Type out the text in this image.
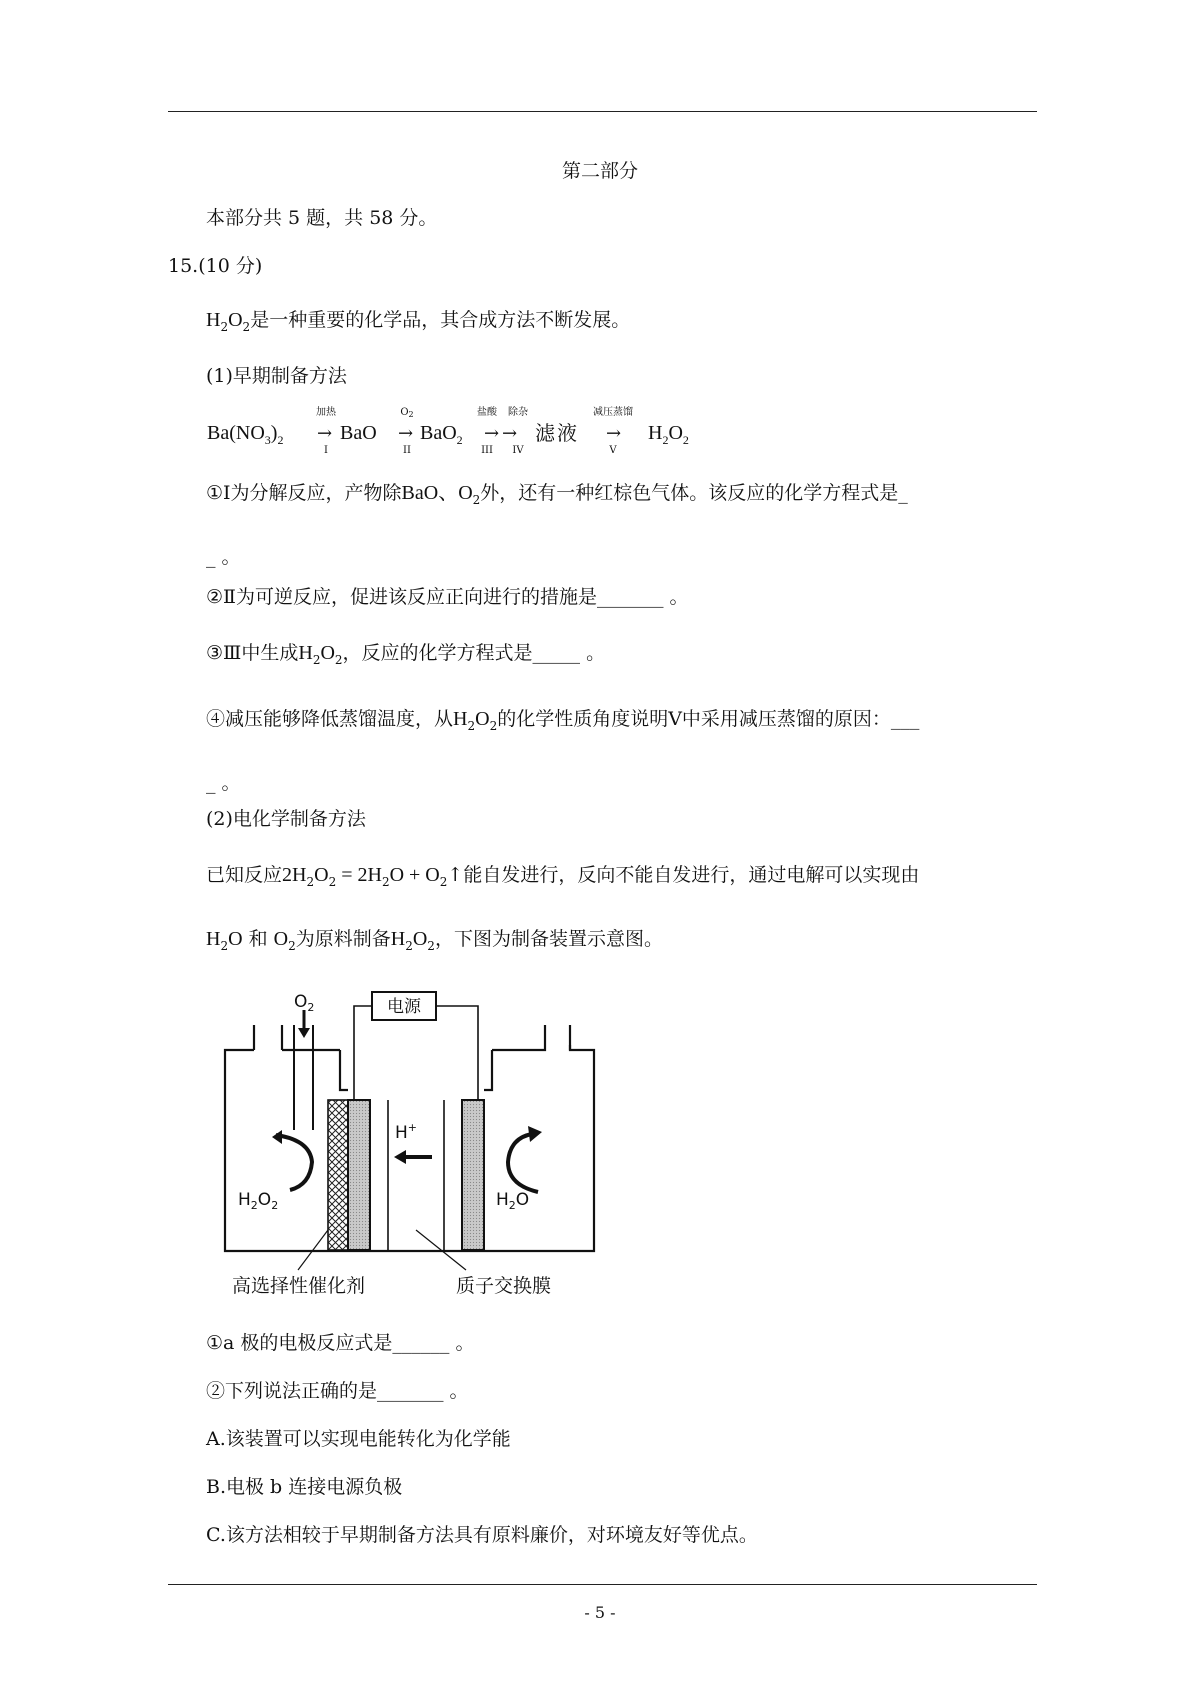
第二部分
本部分共 5 题，共 58 分。
15.(10 分)
$H_2O_2$是一种重要的化学品，其合成方法不断发展。
(1)早期制备方法
$Ba(NO_3)_2$
加热
→
I
BaO
$O_2$
→
II
BaO$_2$
盐酸	除杂
→ →
III	IV
滤液
减压蒸馏
→
V
$H_2O_2$
①Ⅰ为分解反应，产物除BaO、$O_2$外，还有一种红棕色气体。该反应的化学方程式是_
_ 。
②Ⅱ为可逆反应，促进该反应正向进行的措施是_______ 。
③Ⅲ中生成$H_2O_2$，反应的化学方程式是_____ 。
④减压能够降低蒸馏温度，从$H_2O_2$的化学性质角度说明Ⅴ中采用减压蒸馏的原因：___
_ 。
(2)电化学制备方法
已知反应$2H_2O_2 = 2H_2O$ + $O_2↑$能自发进行，反向不能自发进行，通过电解可以实现由
$H_2O$ 和 $O_2$为原料制备$H_2O_2$，下图为制备装置示意图。
$O_2$	电源
H+
$H_2O_2$	$H_2O$
高选择性催化剂	质子交换膜
①a 极的电极反应式是______ 。
②下列说法正确的是_______ 。
A.该装置可以实现电能转化为化学能
B.电极 b 连接电源负极
C.该方法相较于早期制备方法具有原料廉价，对环境友好等优点。
- 5 -
